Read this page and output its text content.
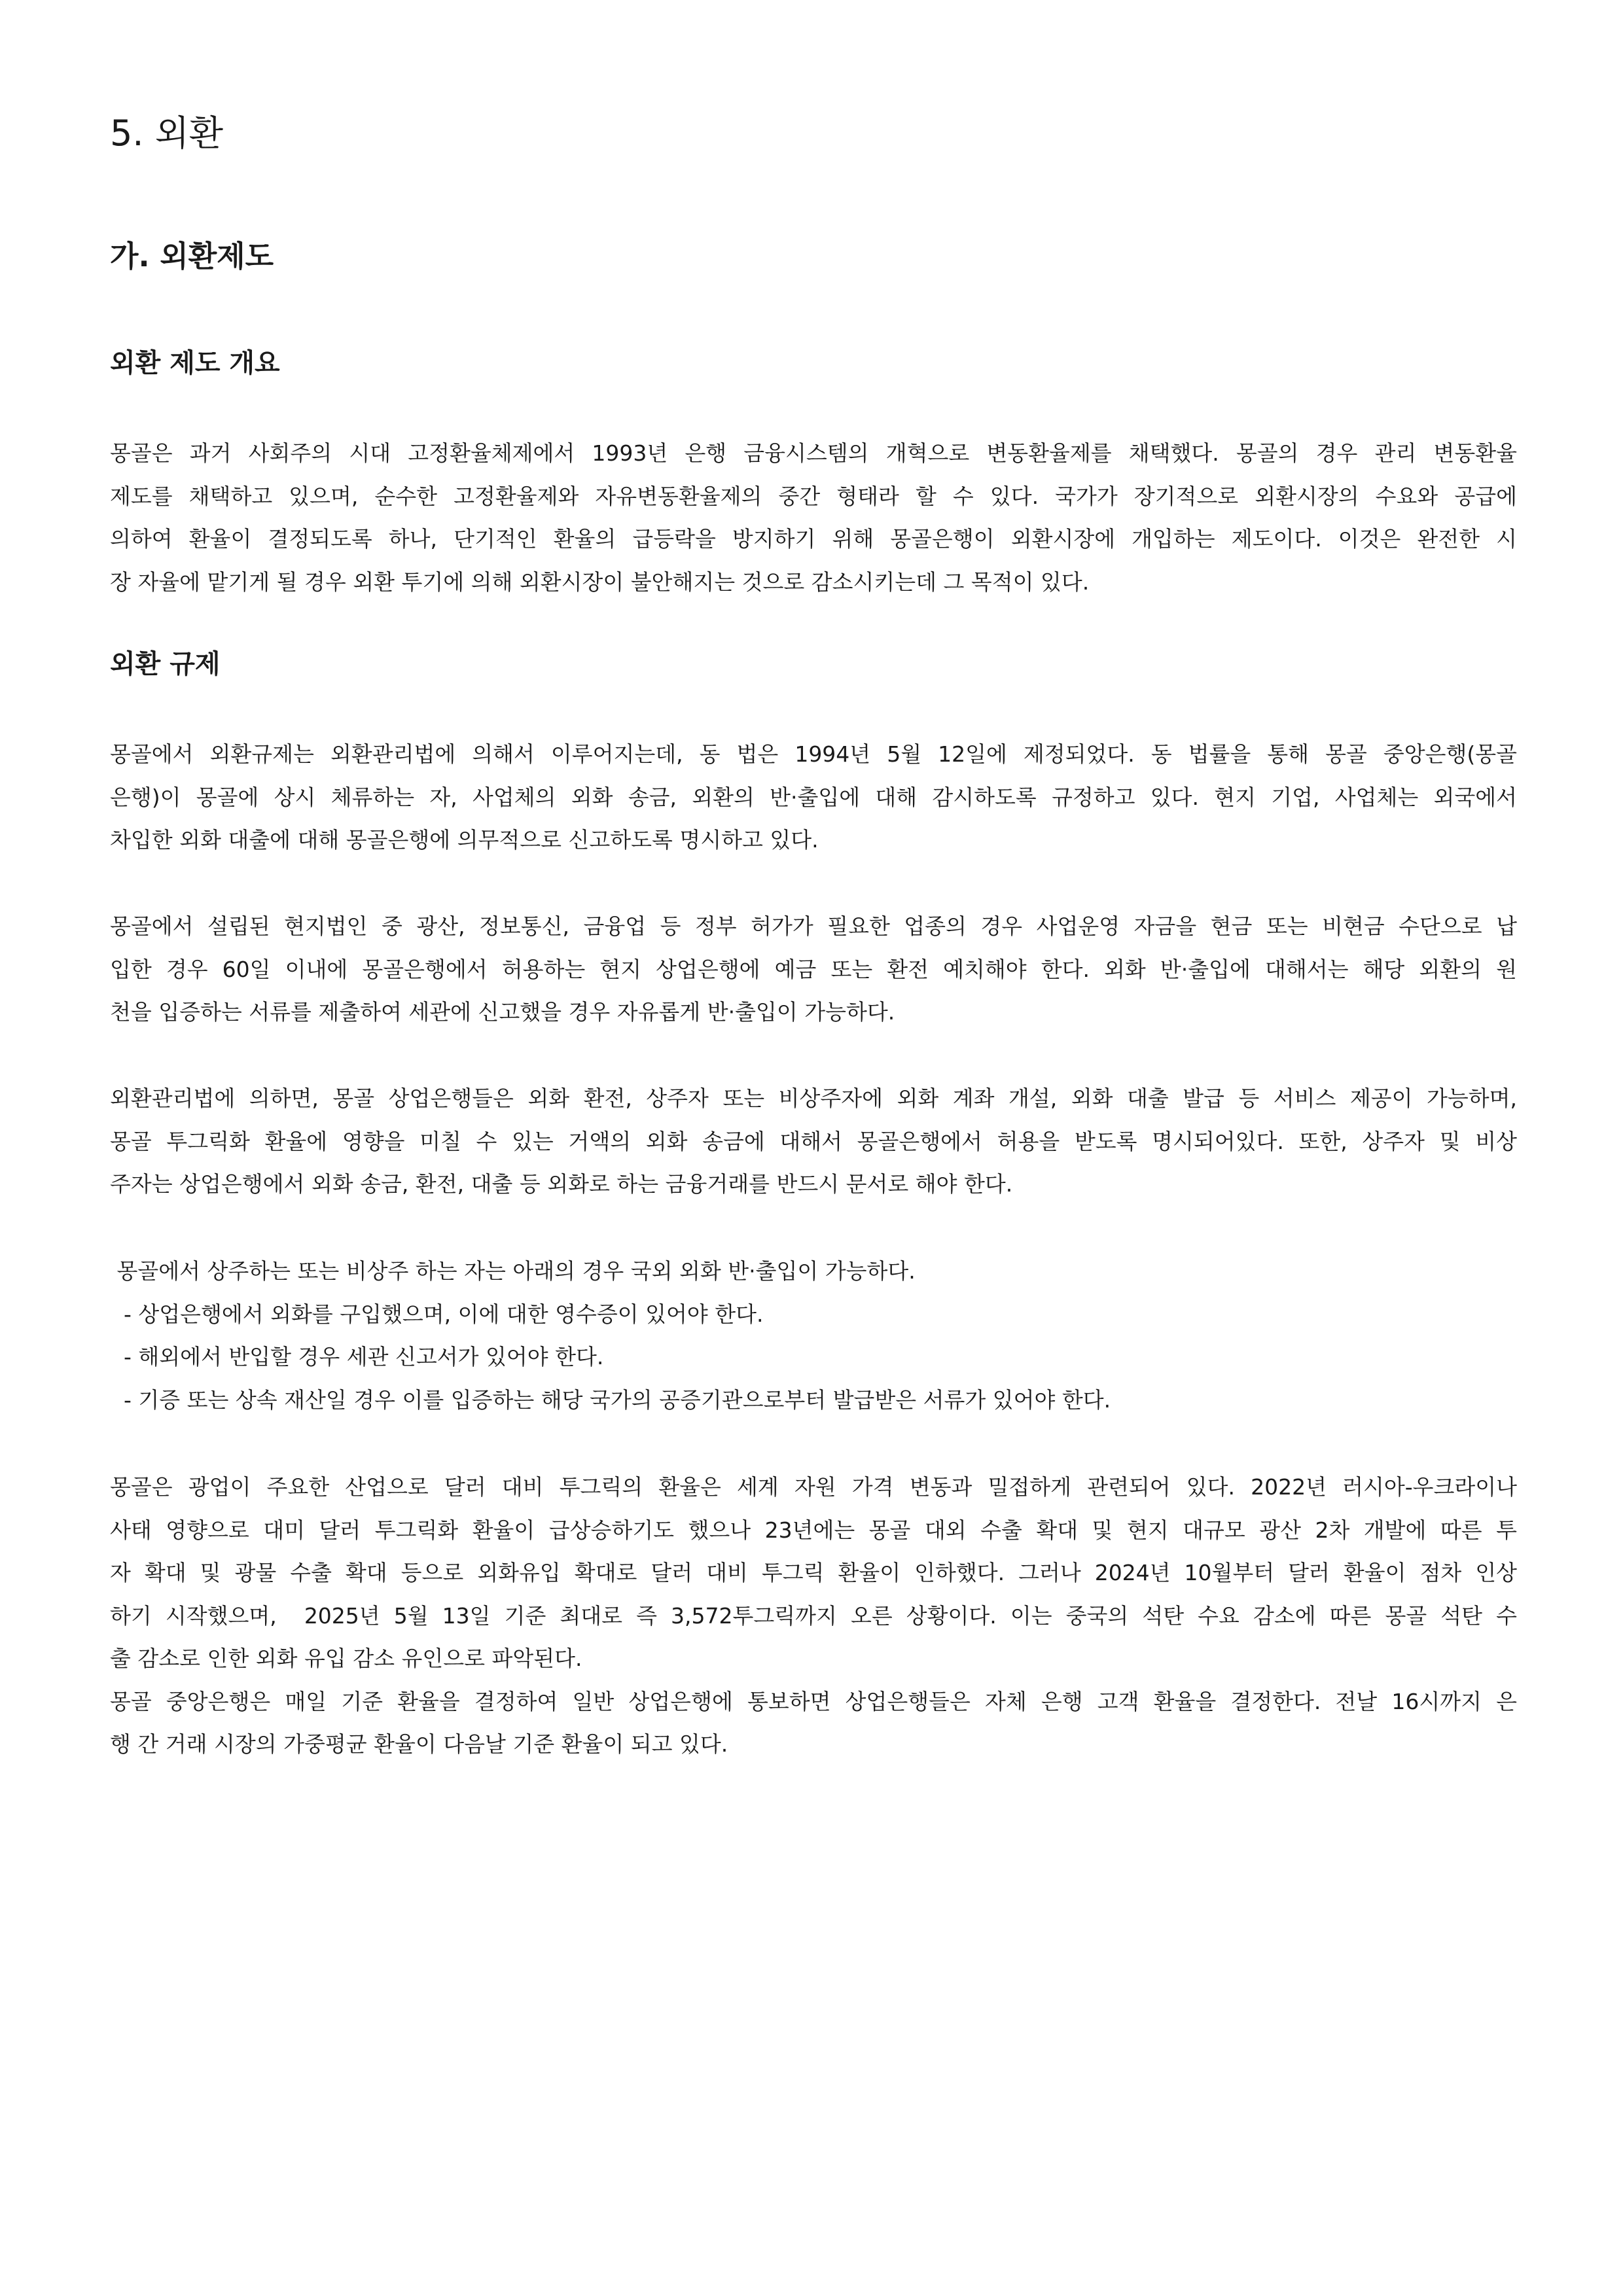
5. 외환
가. 외환제도
외환 제도 개요
몽골은 과거 사회주의 시대 고정환율체제에서 1993년 은행 금융시스템의 개혁으로 변동환율제를 채택했다. 몽골의 경우 관리 변동환율
제도를 채택하고 있으며, 순수한 고정환율제와 자유변동환율제의 중간 형태라 할 수 있다. 국가가 장기적으로 외환시장의 수요와 공급에
의하여 환율이 결정되도록 하나, 단기적인 환율의 급등락을 방지하기 위해 몽골은행이 외환시장에 개입하는 제도이다. 이것은 완전한 시
장 자율에 맡기게 될 경우 외환 투기에 의해 외환시장이 불안해지는 것으로 감소시키는데 그 목적이 있다.
외환 규제
몽골에서 외환규제는 외환관리법에 의해서 이루어지는데, 동 법은 1994년 5월 12일에 제정되었다. 동 법률을 통해 몽골 중앙은행(몽골
은행)이 몽골에 상시 체류하는 자, 사업체의 외화 송금, 외환의 반·출입에 대해 감시하도록 규정하고 있다. 현지 기업, 사업체는 외국에서
차입한 외화 대출에 대해 몽골은행에 의무적으로 신고하도록 명시하고 있다.
몽골에서 설립된 현지법인 중 광산, 정보통신, 금융업 등 정부 허가가 필요한 업종의 경우 사업운영 자금을 현금 또는 비현금 수단으로 납
입한 경우 60일 이내에 몽골은행에서 허용하는 현지 상업은행에 예금 또는 환전 예치해야 한다. 외화 반·출입에 대해서는 해당 외환의 원
천을 입증하는 서류를 제출하여 세관에 신고했을 경우 자유롭게 반·출입이 가능하다.
외환관리법에 의하면, 몽골 상업은행들은 외화 환전, 상주자 또는 비상주자에 외화 계좌 개설, 외화 대출 발급 등 서비스 제공이 가능하며,
몽골 투그릭화 환율에 영향을 미칠 수 있는 거액의 외화 송금에 대해서 몽골은행에서 허용을 받도록 명시되어있다. 또한, 상주자 및 비상
주자는 상업은행에서 외화 송금, 환전, 대출 등 외화로 하는 금융거래를 반드시 문서로 해야 한다.
몽골에서 상주하는 또는 비상주 하는 자는 아래의 경우 국외 외화 반·출입이 가능하다.
- 상업은행에서 외화를 구입했으며, 이에 대한 영수증이 있어야 한다.
- 해외에서 반입할 경우 세관 신고서가 있어야 한다.
- 기증 또는 상속 재산일 경우 이를 입증하는 해당 국가의 공증기관으로부터 발급받은 서류가 있어야 한다.
몽골은 광업이 주요한 산업으로 달러 대비 투그릭의 환율은 세계 자원 가격 변동과 밀접하게 관련되어 있다. 2022년 러시아-우크라이나
사태 영향으로 대미 달러 투그릭화 환율이 급상승하기도 했으나 23년에는 몽골 대외 수출 확대 및 현지 대규모 광산 2차 개발에 따른 투
자 확대 및 광물 수출 확대 등으로 외화유입 확대로 달러 대비 투그릭 환율이 인하했다. 그러나 2024년 10월부터 달러 환율이 점차 인상
하기 시작했으며,  2025년 5월 13일 기준 최대로 즉 3,572투그릭까지 오른 상황이다. 이는 중국의 석탄 수요 감소에 따른 몽골 석탄 수
출 감소로 인한 외화 유입 감소 유인으로 파악된다.
몽골 중앙은행은 매일 기준 환율을 결정하여 일반 상업은행에 통보하면 상업은행들은 자체 은행 고객 환율을 결정한다. 전날 16시까지 은
행 간 거래 시장의 가중평균 환율이 다음날 기준 환율이 되고 있다.
